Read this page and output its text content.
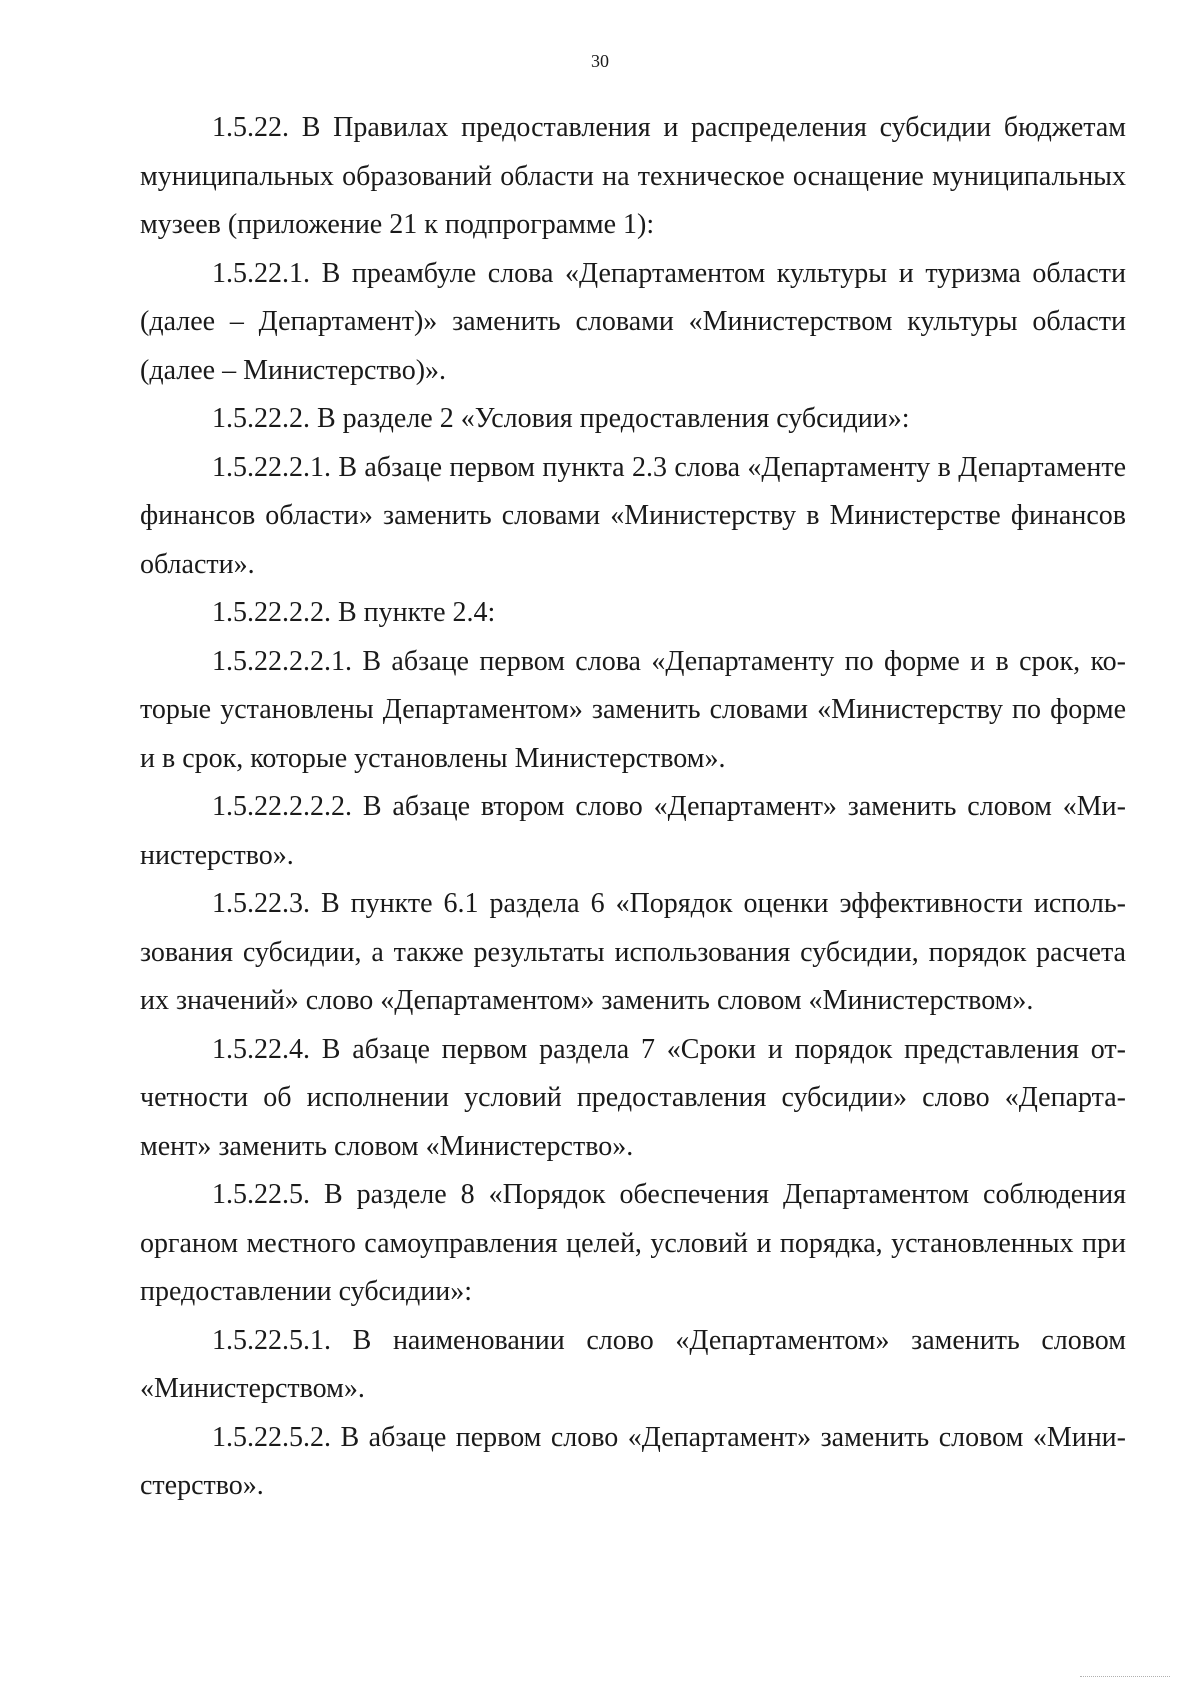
30

1.5.22. В Правилах предоставления и распределения субсидии бюджетам муниципальных образований области на техническое оснащение муниципальных музеев (приложение 21 к подпрограмме 1):

1.5.22.1. В преамбуле слова «Департаментом культуры и туризма области (далее – Департамент)» заменить словами «Министерством культуры области (далее – Министерство)».

1.5.22.2. В разделе 2 «Условия предоставления субсидии»:

1.5.22.2.1. В абзаце первом пункта 2.3 слова «Департаменту в Департаменте финансов области» заменить словами «Министерству в Министерстве финансов области».

1.5.22.2.2. В пункте 2.4:

1.5.22.2.2.1. В абзаце первом слова «Департаменту по форме и в срок, которые установлены Департаментом» заменить словами «Министерству по форме и в срок, которые установлены Министерством».

1.5.22.2.2.2. В абзаце втором слово «Департамент» заменить словом «Министерство».

1.5.22.3. В пункте 6.1 раздела 6 «Порядок оценки эффективности использования субсидии, а также результаты использования субсидии, порядок расчета их значений» слово «Департаментом» заменить словом «Министерством».

1.5.22.4. В абзаце первом раздела 7 «Сроки и порядок представления отчетности об исполнении условий предоставления субсидии» слово «Департамент» заменить словом «Министерство».

1.5.22.5. В разделе 8 «Порядок обеспечения Департаментом соблюдения органом местного самоуправления целей, условий и порядка, установленных при предоставлении субсидии»:

1.5.22.5.1. В наименовании слово «Департаментом» заменить словом «Министерством».

1.5.22.5.2. В абзаце первом слово «Департамент» заменить словом «Министерство».
